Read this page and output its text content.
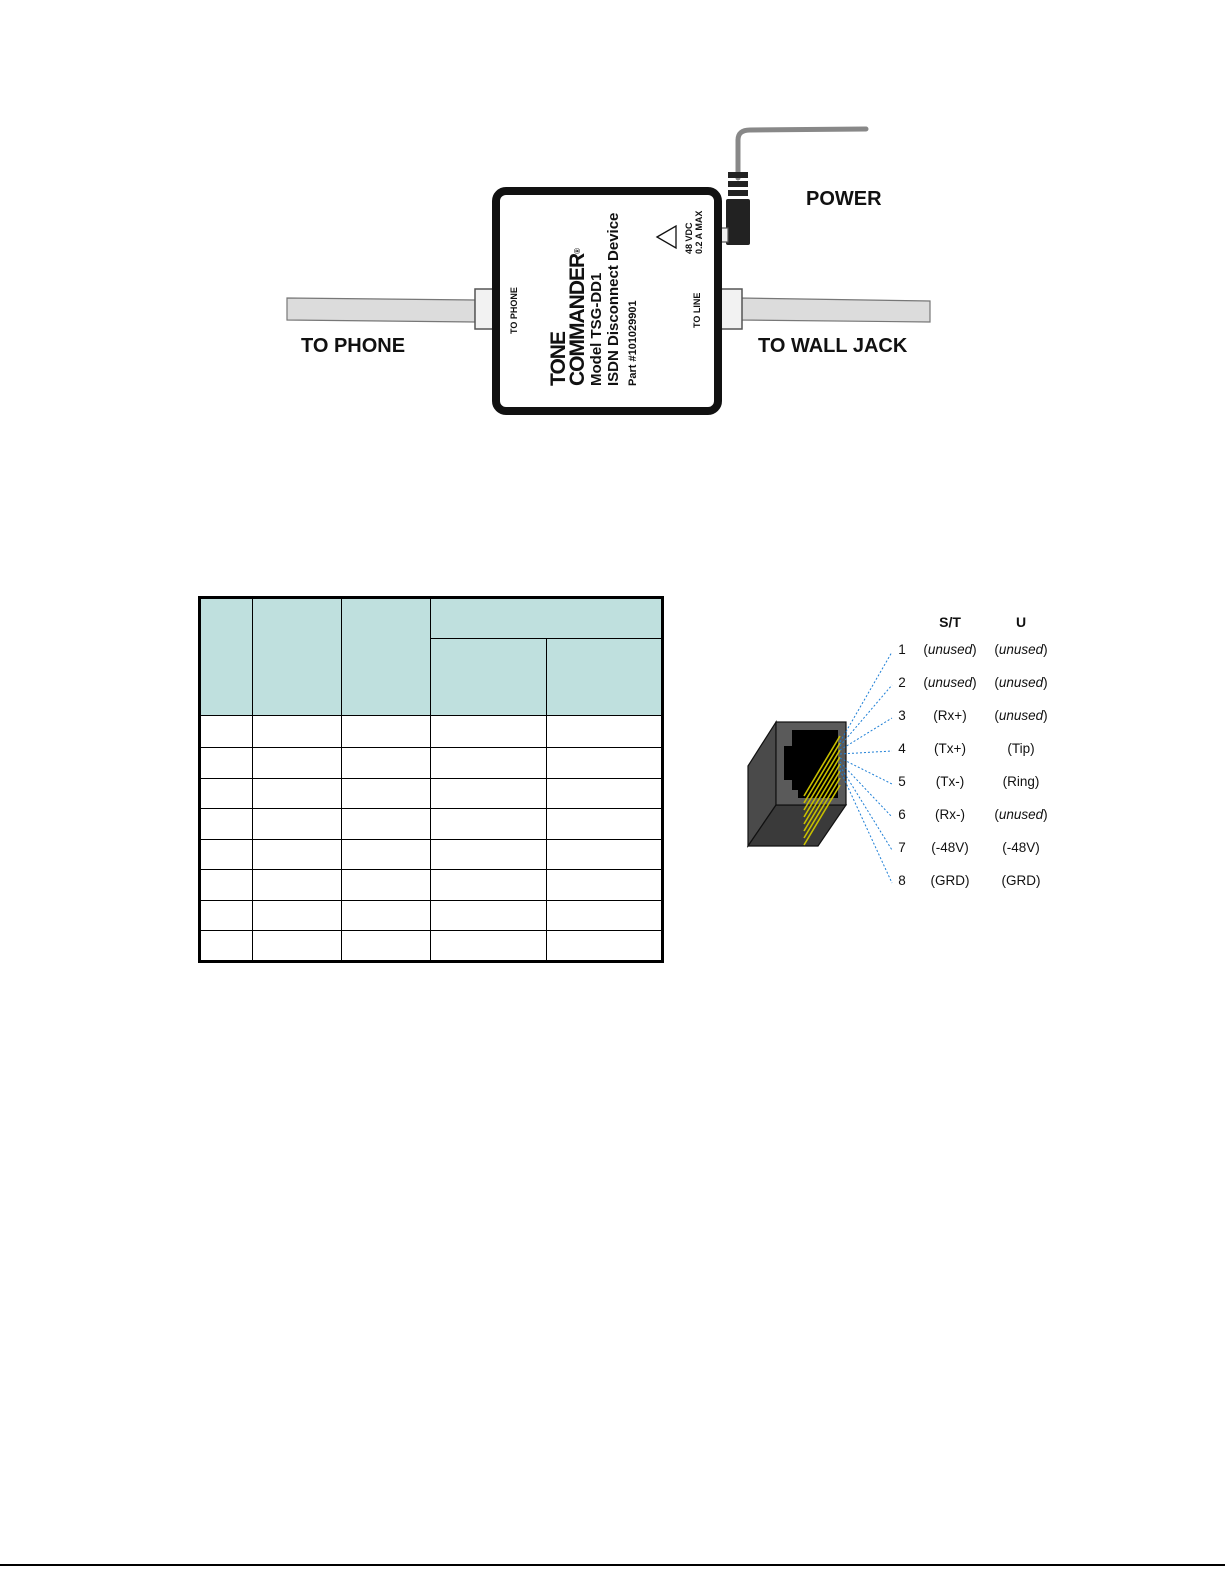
POWER
TO PHONE	TO WALL JACK
TO PHONE
TONE
COMMANDER®
Model TSG-DD1 ISDN Disconnect Device Part #101029901
48 VDC 0.2 A MAX
TO LINE

S/T	U
1	(unused)	(unused)
2	(unused)	(unused)
3	(Rx+)	(unused)
4	(Tx+)	(Tip)
5	(Tx-)	(Ring)
6	(Rx-)	(unused)
7	(-48V)	(-48V)
8	(GRD)	(GRD)
